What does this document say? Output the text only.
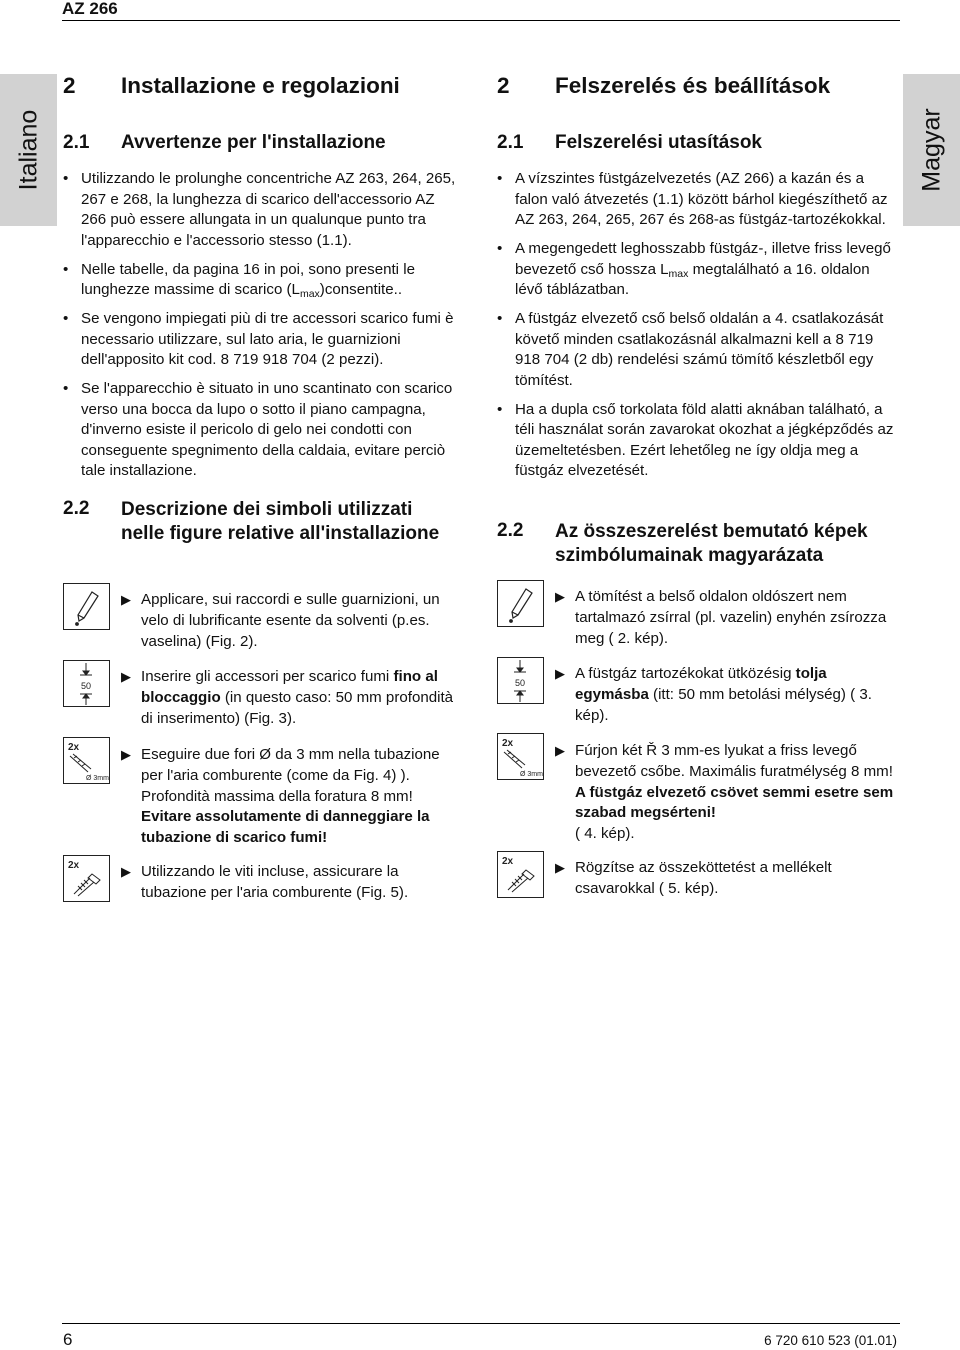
AZ 266
Italiano	Magyar
2 Installazione e regolazioni
2.1 Avvertenze per l'installazione
• Utilizzando le prolunghe concentriche AZ 263, 264, 265, 267 e 268, la lunghezza di scarico dell'accessorio AZ 266 può essere allungata in un qualunque punto tra l'apparecchio e l'accessorio stesso (1.1).
• Nelle tabelle, da pagina 16 in poi, sono presenti le lunghezze massime di scarico $(L_{max})consentite$..
• Se vengono impiegati più di tre accessori scarico fumi è necessario utilizzare, sul lato aria, le guarnizioni dell'apposito kit cod. 8 719 918 704 (2 pezzi).
• Se l'apparecchio è situato in uno scantinato con scarico verso una bocca da lupo o sotto il piano campagna, d'inverno esiste il pericolo di gelo nei condotti con conseguente spegnimento della caldaia, evitare perciò tale installazione.
2.2 Descrizione dei simboli utilizzati nelle figure relative all'installazione
▶ Applicare, sui raccordi e sulle guarnizioni, un velo di lubrificante esente da solventi (p.es. vaselina) (Fig. 2).
50
▶ Inserire gli accessori per scarico fumi fino al bloccaggio (in questo caso: 50 mm profondità di inserimento) (Fig. 3).
2x
Ø 3mm
▶ Eseguire due fori Ø da 3 mm nella tubazione per l'aria comburente (come da Fig. 4) ). Profondità massima della foratura 8 mm! Evitare assolutamente di danneggiare la tubazione di scarico fumi!
2x	▶ Utilizzando le viti incluse, assicurare la tubazione per l'aria comburente (Fig. 5).
2 Felszerelés és beállítások
2.1 Felszerelési utasítások
• A vízszintes füstgázelvezetés (AZ 266) a kazán és a falon való átvezetés (1.1) között bárhol kiegészíthető az AZ 263, 264, 265, 267 és 268-as füstgáz-tartozékokkal.
• A megengedett leghosszabb füstgáz-, illetve friss levegő bevezető cső hossza $L_{max}$ megtalálható a 16. oldalon lévő táblázatban.
• A füstgáz elvezető cső belső oldalán a 4. csatlakozását követő minden csatlakozásnál alkalmazni kell a 8 719 918 704 (2 db) rendelési számú tömítő készletből egy tömítést.
• Ha a dupla cső torkolata föld alatti aknában található, a téli használat során zavarokat okozhat a jégképződés az üzemeltetésben. Ezért lehetőleg ne így oldja meg a füstgáz elvezetését.
2.2 Az összeszerelést bemutató képek szimbólumainak magyarázata
▶ A tömítést a belső oldalon oldószert nem tartalmazó zsírral (pl. vazelin) enyhén zsírozza meg ( 2. kép).
50
▶ A füstgáz tartozékokat ütközésig tolja egymásba (itt: 50 mm betolási mélység) ( 3. kép).
2x
Ø 3mm
▶ Fúrjon két Ř 3 mm-es lyukat a friss levegő bevezető csőbe. Maximális furatmélység 8 mm! A füstgáz elvezető csövet semmi esetre sem szabad megsérteni!
( 4. kép).
2x	▶ Rögzítse az összeköttetést a mellékelt csavarokkal ( 5. kép).
6	6 720 610 523 (01.01)
